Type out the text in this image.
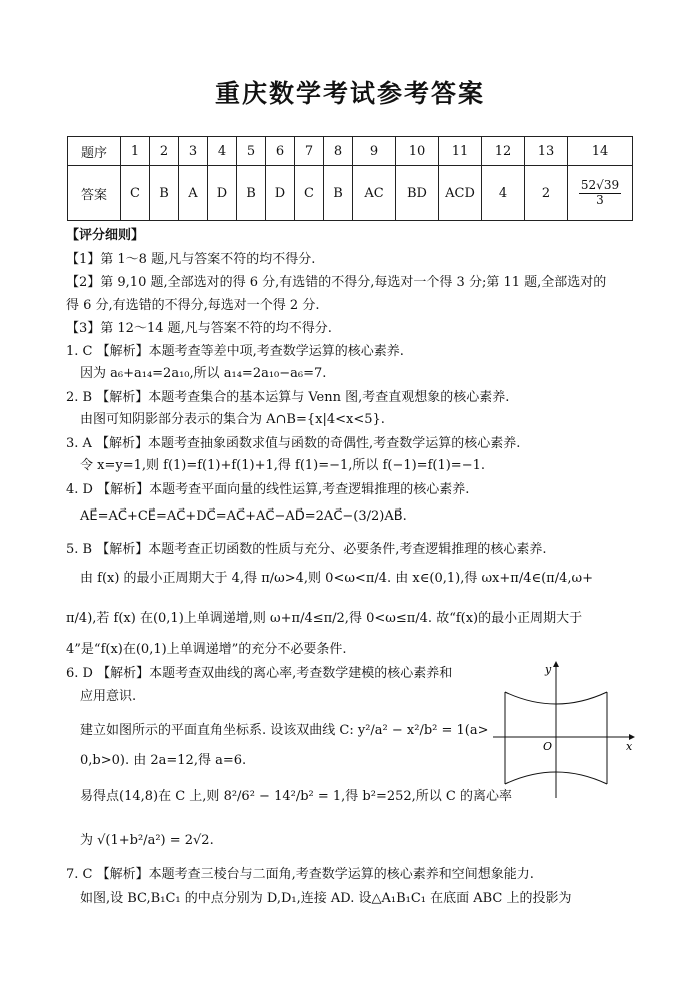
重庆数学考试参考答案
题序	1	2	3	4	5	6	7	8	9	10	11	12	13	14
答案	C	B	A	D	B	D	C	B	AC	BD	ACD	4	2	$\frac{52√39}{3}$
【评分细则】
【1】第 1～8 题,凡与答案不符的均不得分.
【2】第 9,10 题,全部选对的得 6 分,有选错的不得分,每选对一个得 3 分;第 11 题,全部选对的
得 6 分,有选错的不得分,每选对一个得 2 分.
【3】第 12～14 题,凡与答案不符的均不得分.
1. C 【解析】本题考查等差中项,考查数学运算的核心素养.
因为 a₆+a₁₄=2a₁₀,所以 a₁₄=2a₁₀−a₆=7.
2. B 【解析】本题考查集合的基本运算与 Venn 图,考查直观想象的核心素养.
由图可知阴影部分表示的集合为 A∩B={x|4<x<5}.
3. A 【解析】本题考查抽象函数求值与函数的奇偶性,考查数学运算的核心素养.
令 x=y=1,则 f(1)=f(1)+f(1)+1,得 f(1)=−1,所以 f(−1)=f(1)=−1.
4. D 【解析】本题考查平面向量的线性运算,考查逻辑推理的核心素养.
AE⃗=AC⃗+CE⃗=AC⃗+DC⃗=AC⃗+AC⃗−AD⃗=2AC⃗−(3/2)AB⃗.
5. B 【解析】本题考查正切函数的性质与充分、必要条件,考查逻辑推理的核心素养.
由 f(x) 的最小正周期大于 4,得 π/ω>4,则 0<ω<π/4. 由 x∈(0,1),得 ωx+π/4∈(π/4,ω+
π/4),若 f(x) 在(0,1)上单调递增,则 ω+π/4≤π/2,得 0<ω≤π/4. 故“f(x)的最小正周期大于
4”是“f(x)在(0,1)上单调递增”的充分不必要条件.
6. D 【解析】本题考查双曲线的离心率,考查数学建模的核心素养和
应用意识.
建立如图所示的平面直角坐标系. 设该双曲线 C: y²/a² − x²/b² = 1(a>
0,b>0). 由 2a=12,得 a=6.
易得点(14,8)在 C 上,则 8²/6² − 14²/b² = 1,得 b²=252,所以 C 的离心率
为 √(1+b²/a²) = 2√2.
y
x
O
7. C 【解析】本题考查三棱台与二面角,考查数学运算的核心素养和空间想象能力.
如图,设 BC,B₁C₁ 的中点分别为 D,D₁,连接 AD. 设△A₁B₁C₁ 在底面 ABC 上的投影为
